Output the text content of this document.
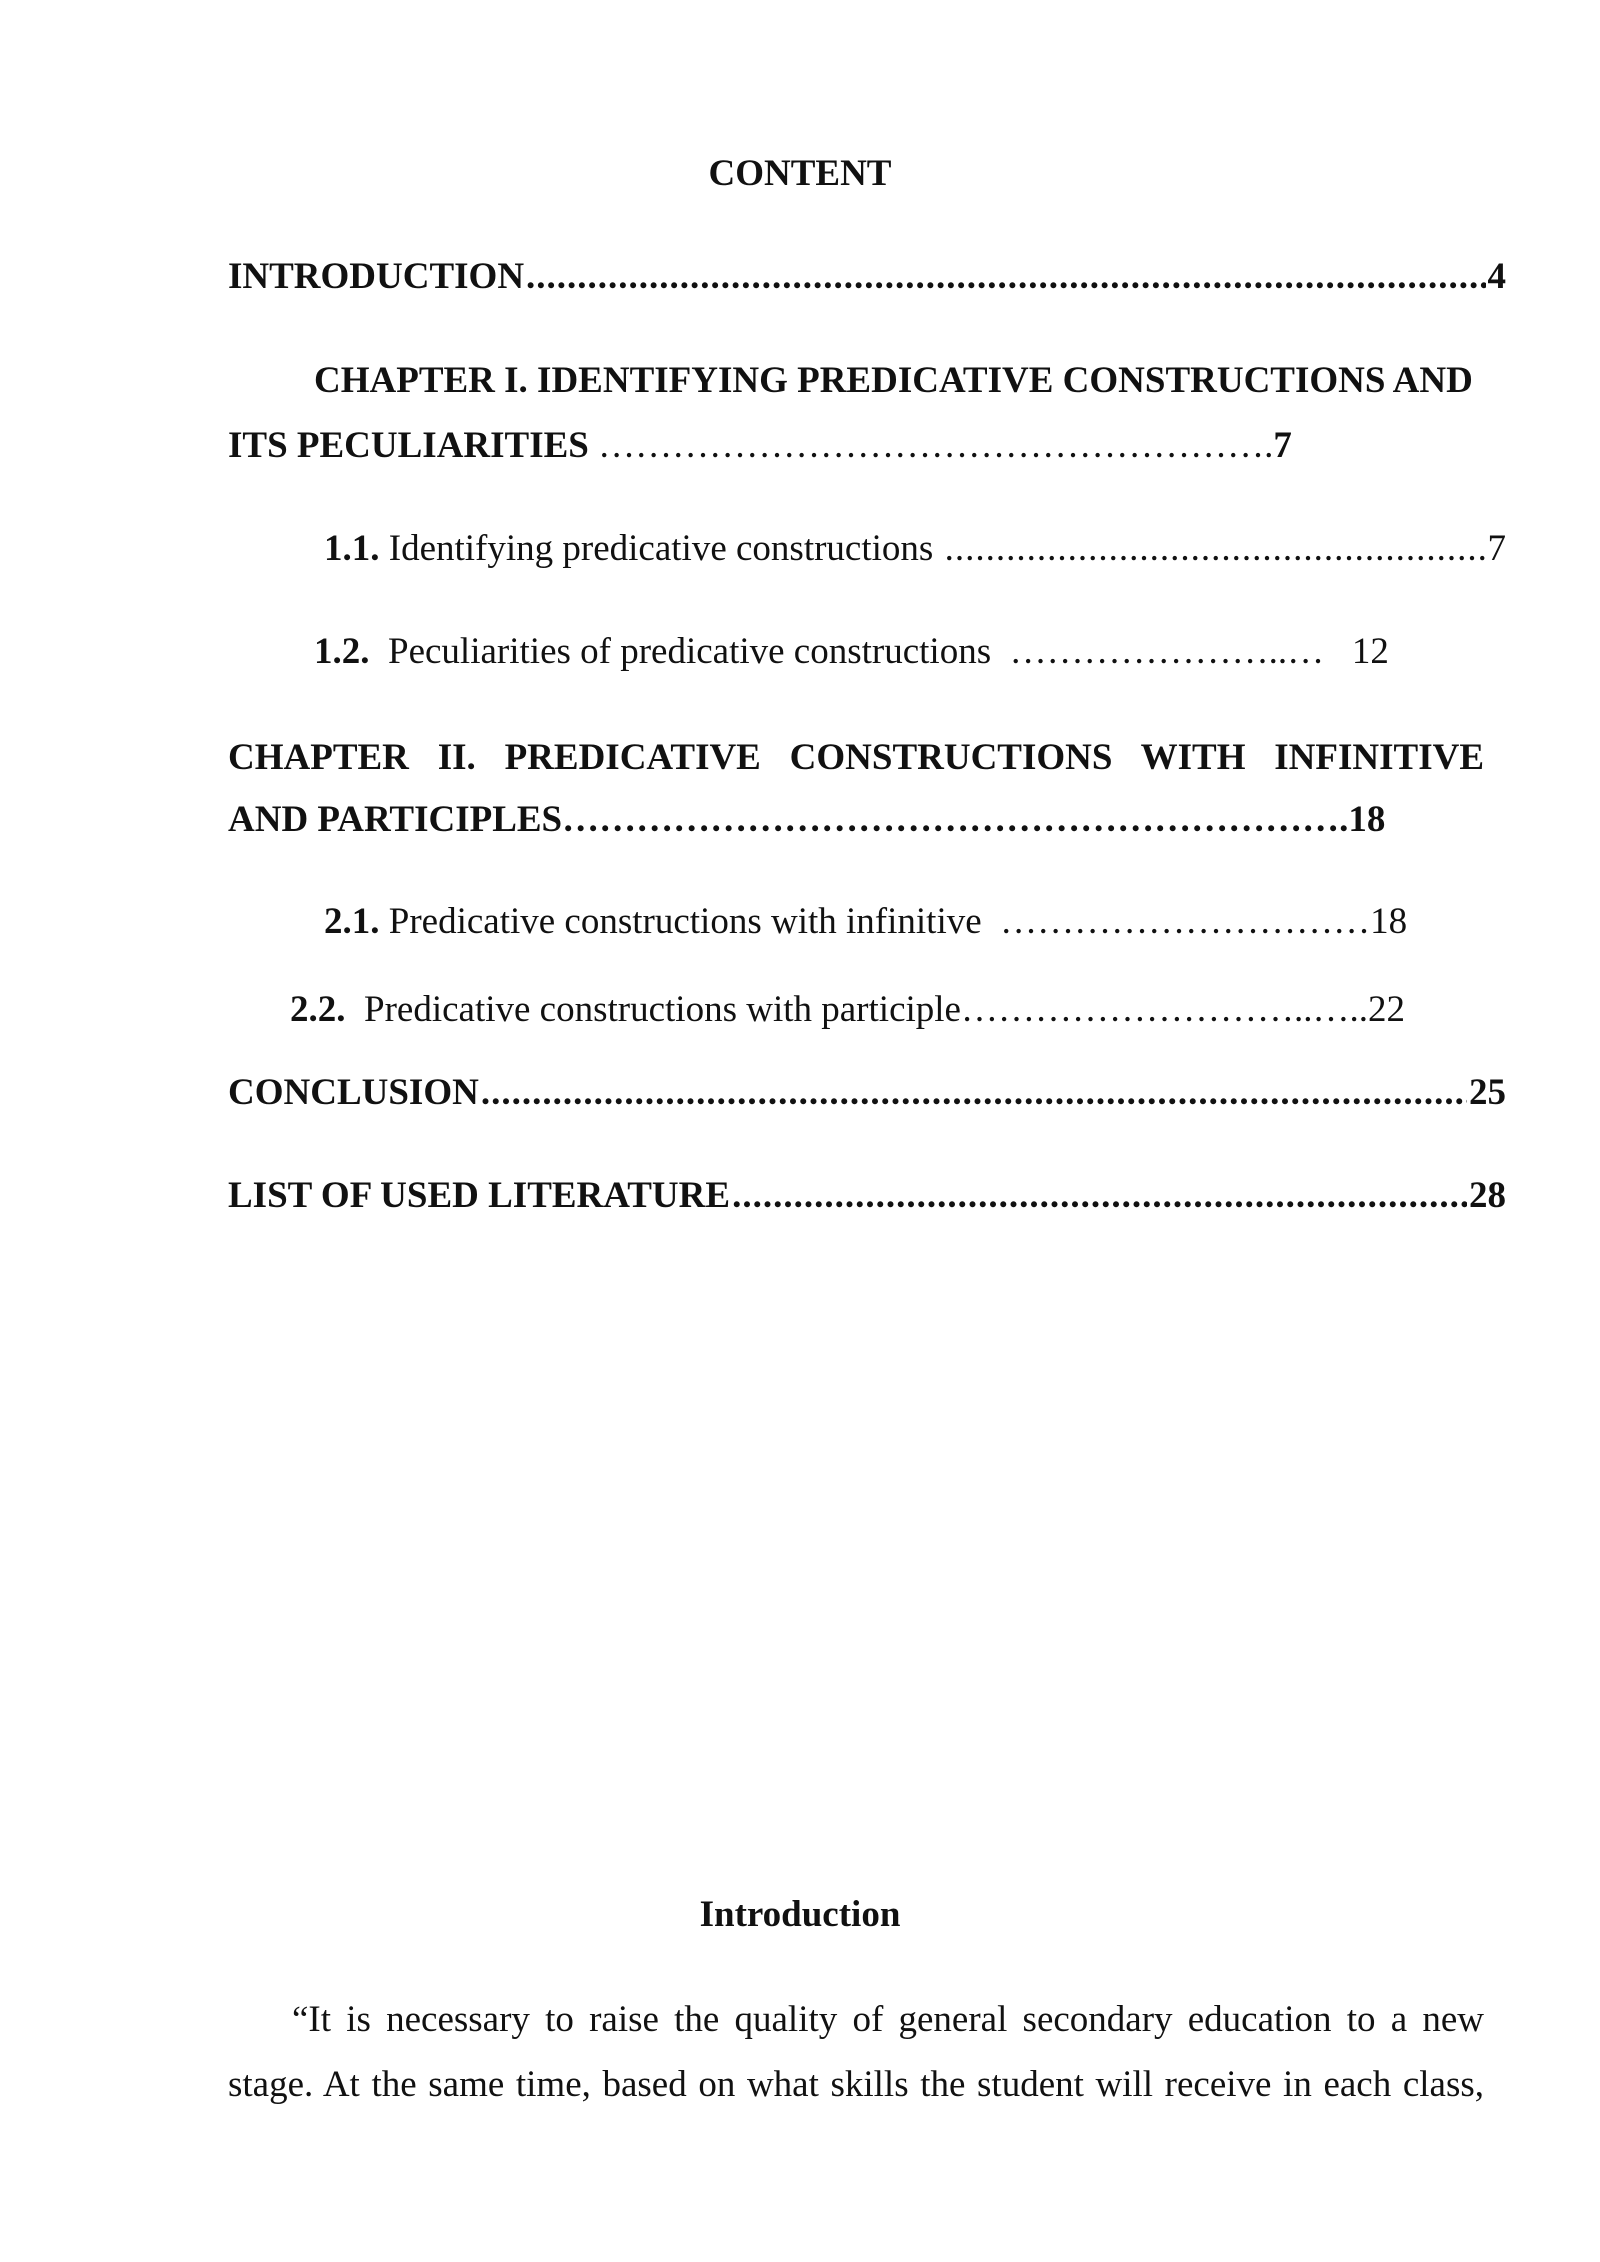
CONTENT
INTRODUCTION .....	4
CHAPTER I. IDENTIFYING PREDICATIVE CONSTRUCTIONS AND
ITS PECULIARITIES ……………………………………………….7
1.1. Identifying predicative constructions .....	7
1.2.  Peculiarities of predicative constructions  …………………..…   12
CHAPTER II. PREDICATIVE CONSTRUCTIONS WITH INFINITIVE
AND PARTICIPLES……………………………………………………….18
2.1. Predicative constructions with infinitive  …………………………18
2.2.  Predicative constructions with participle………………………..…..22
CONCLUSION .....	25
LIST OF USED LITERATURE .....	28
Introduction
“It is necessary to raise the quality of general secondary education to a new
stage. At the same time, based on what skills the student will receive in each class,
